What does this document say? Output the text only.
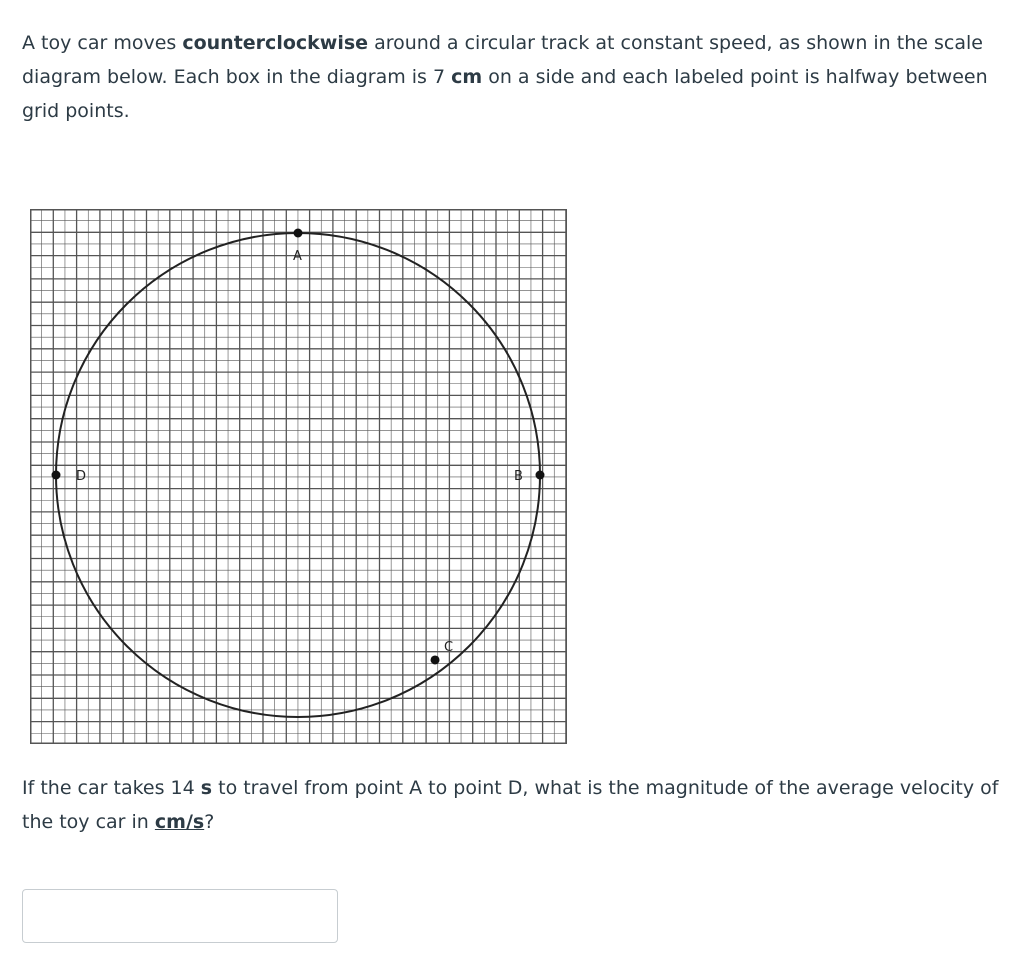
A toy car moves counterclockwise around a circular track at constant speed, as shown in the scale diagram below. Each box in the diagram is 7 cm on a side and each labeled point is halfway between grid points.

A
B
C
D

If the car takes 14 s to travel from point A to point D, what is the magnitude of the average velocity of the toy car in cm/s?
